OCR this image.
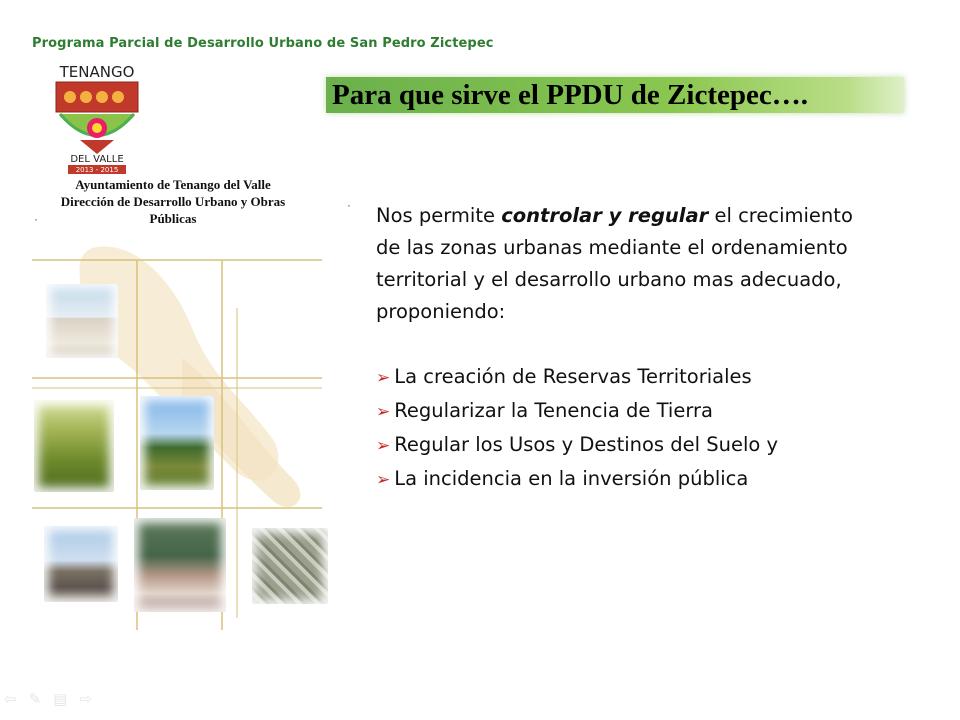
Programa Parcial de Desarrollo Urbano de San Pedro Zictepec
TENANGO
DEL VALLE
2013 - 2015
Ayuntamiento de Tenango del Valle
Dirección de Desarrollo Urbano y Obras
Públicas
·
·
Para que sirve el PPDU de Zictepec….
Nos permite controlar y regular el crecimiento de las zonas urbanas mediante el ordenamiento territorial y el desarrollo urbano mas adecuado, proponiendo:
➢ La creación de Reservas Territoriales
➢ Regularizar la Tenencia de Tierra
➢ Regular los Usos y Destinos del Suelo y
➢ La incidencia en la inversión pública
⇦ ✎ ▤ ⇨
